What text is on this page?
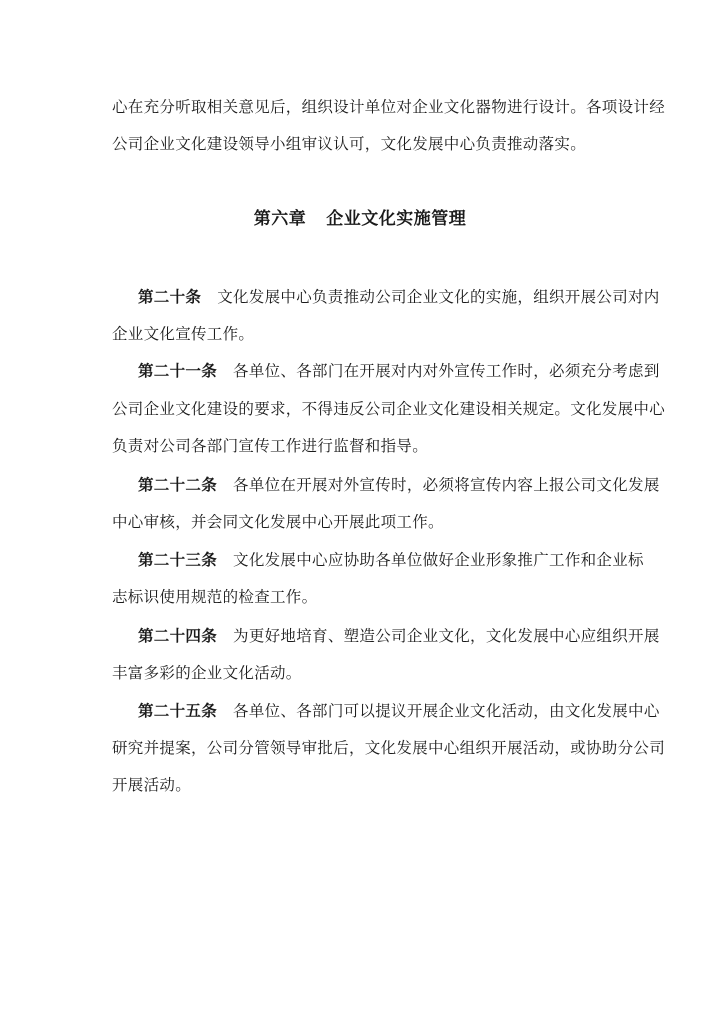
心在充分听取相关意见后，组织设计单位对企业文化器物进行设计。各项设计经
公司企业文化建设领导小组审议认可，文化发展中心负责推动落实。
第六章 企业文化实施管理
第二十条 文化发展中心负责推动公司企业文化的实施，组织开展公司对内
企业文化宣传工作。
第二十一条 各单位、各部门在开展对内对外宣传工作时，必须充分考虑到
公司企业文化建设的要求，不得违反公司企业文化建设相关规定。文化发展中心
负责对公司各部门宣传工作进行监督和指导。
第二十二条 各单位在开展对外宣传时，必须将宣传内容上报公司文化发展
中心审核，并会同文化发展中心开展此项工作。
第二十三条 文化发展中心应协助各单位做好企业形象推广工作和企业标
志标识使用规范的检查工作。
第二十四条 为更好地培育、塑造公司企业文化，文化发展中心应组织开展
丰富多彩的企业文化活动。
第二十五条 各单位、各部门可以提议开展企业文化活动，由文化发展中心
研究并提案，公司分管领导审批后，文化发展中心组织开展活动，或协助分公司
开展活动。
